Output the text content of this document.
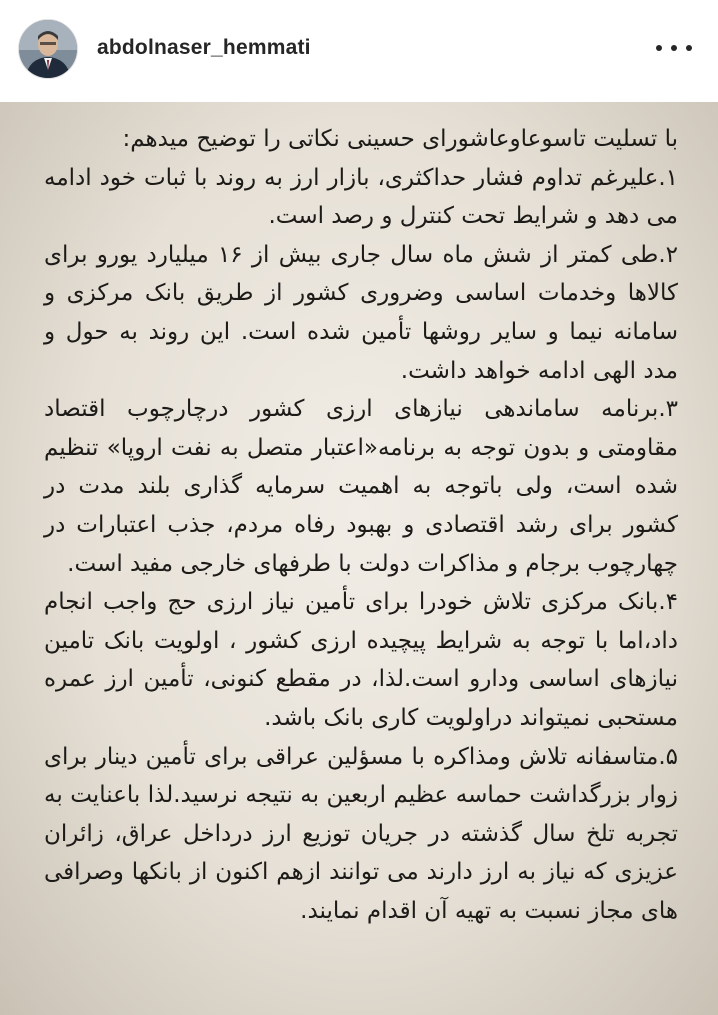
abdolnaser_hemmati

با تسلیت تاسوعاوعاشورای حسینی نکاتی را توضیح میدهم:

۱.علیرغم تداوم فشار حداکثری، بازار ارز به روند با ثبات خود ادامه می دهد و شرایط تحت کنترل و رصد است.

۲.طی کمتر از شش ماه سال جاری بیش از ۱۶ میلیارد یورو برای کالاها وخدمات اساسی وضروری کشور از طریق بانک مرکزی و سامانه نیما و سایر روشها تأمین شده است. این روند به حول و مدد الهی ادامه خواهد داشت.

۳.برنامه ساماندهی نیازهای ارزی کشور درچارچوب اقتصاد مقاومتی و بدون توجه به برنامه«اعتبار متصل به نفت اروپا» تنظیم شده است، ولی باتوجه به اهمیت سرمایه گذاری بلند مدت در کشور برای رشد اقتصادی و بهبود رفاه مردم، جذب اعتبارات در چهارچوب برجام و مذاکرات دولت با طرفهای خارجی مفید است.

۴.بانک مرکزی تلاش خودرا برای تأمین نیاز ارزی حج واجب انجام داد،اما با توجه به شرایط پیچیده ارزی کشور ، اولویت بانک تامین نیازهای اساسی ودارو است.لذا، در مقطع کنونی، تأمین ارز عمره مستحبی نمیتواند دراولویت کاری بانک باشد.

۵.متاسفانه تلاش ومذاکره با مسؤلین عراقی برای تأمین دینار برای زوار بزرگداشت حماسه عظیم اربعین به نتیجه نرسید.لذا باعنایت به تجربه تلخ سال گذشته در جریان توزیع ارز درداخل عراق، زائران عزیزی که نیاز به ارز دارند می توانند ازهم اکنون از بانکها وصرافی های مجاز نسبت به تهیه آن اقدام نمایند.
